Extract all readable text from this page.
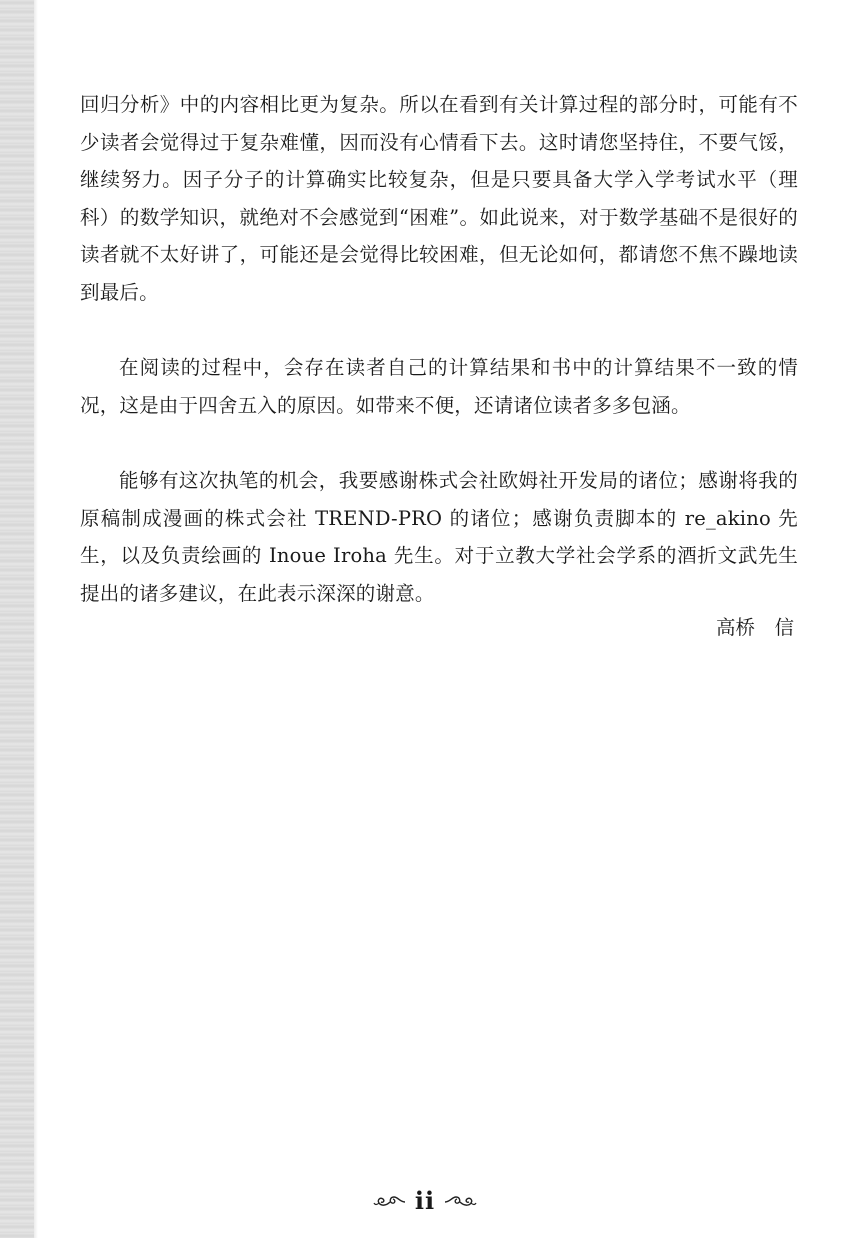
回归分析》中的内容相比更为复杂。所以在看到有关计算过程的部分时，可能有不少读者会觉得过于复杂难懂，因而没有心情看下去。这时请您坚持住，不要气馁，继续努力。因子分子的计算确实比较复杂，但是只要具备大学入学考试水平（理科）的数学知识，就绝对不会感觉到“困难”。如此说来，对于数学基础不是很好的读者就不太好讲了，可能还是会觉得比较困难，但无论如何，都请您不焦不躁地读到最后。

在阅读的过程中，会存在读者自己的计算结果和书中的计算结果不一致的情况，这是由于四舍五入的原因。如带来不便，还请诸位读者多多包涵。

能够有这次执笔的机会，我要感谢株式会社欧姆社开发局的诸位；感谢将我的原稿制成漫画的株式会社 TREND-PRO 的诸位；感谢负责脚本的 re_akino 先生，以及负责绘画的 Inoue Iroha 先生。对于立教大学社会学系的酒折文武先生提出的诸多建议，在此表示深深的谢意。

高桥　信
ii
